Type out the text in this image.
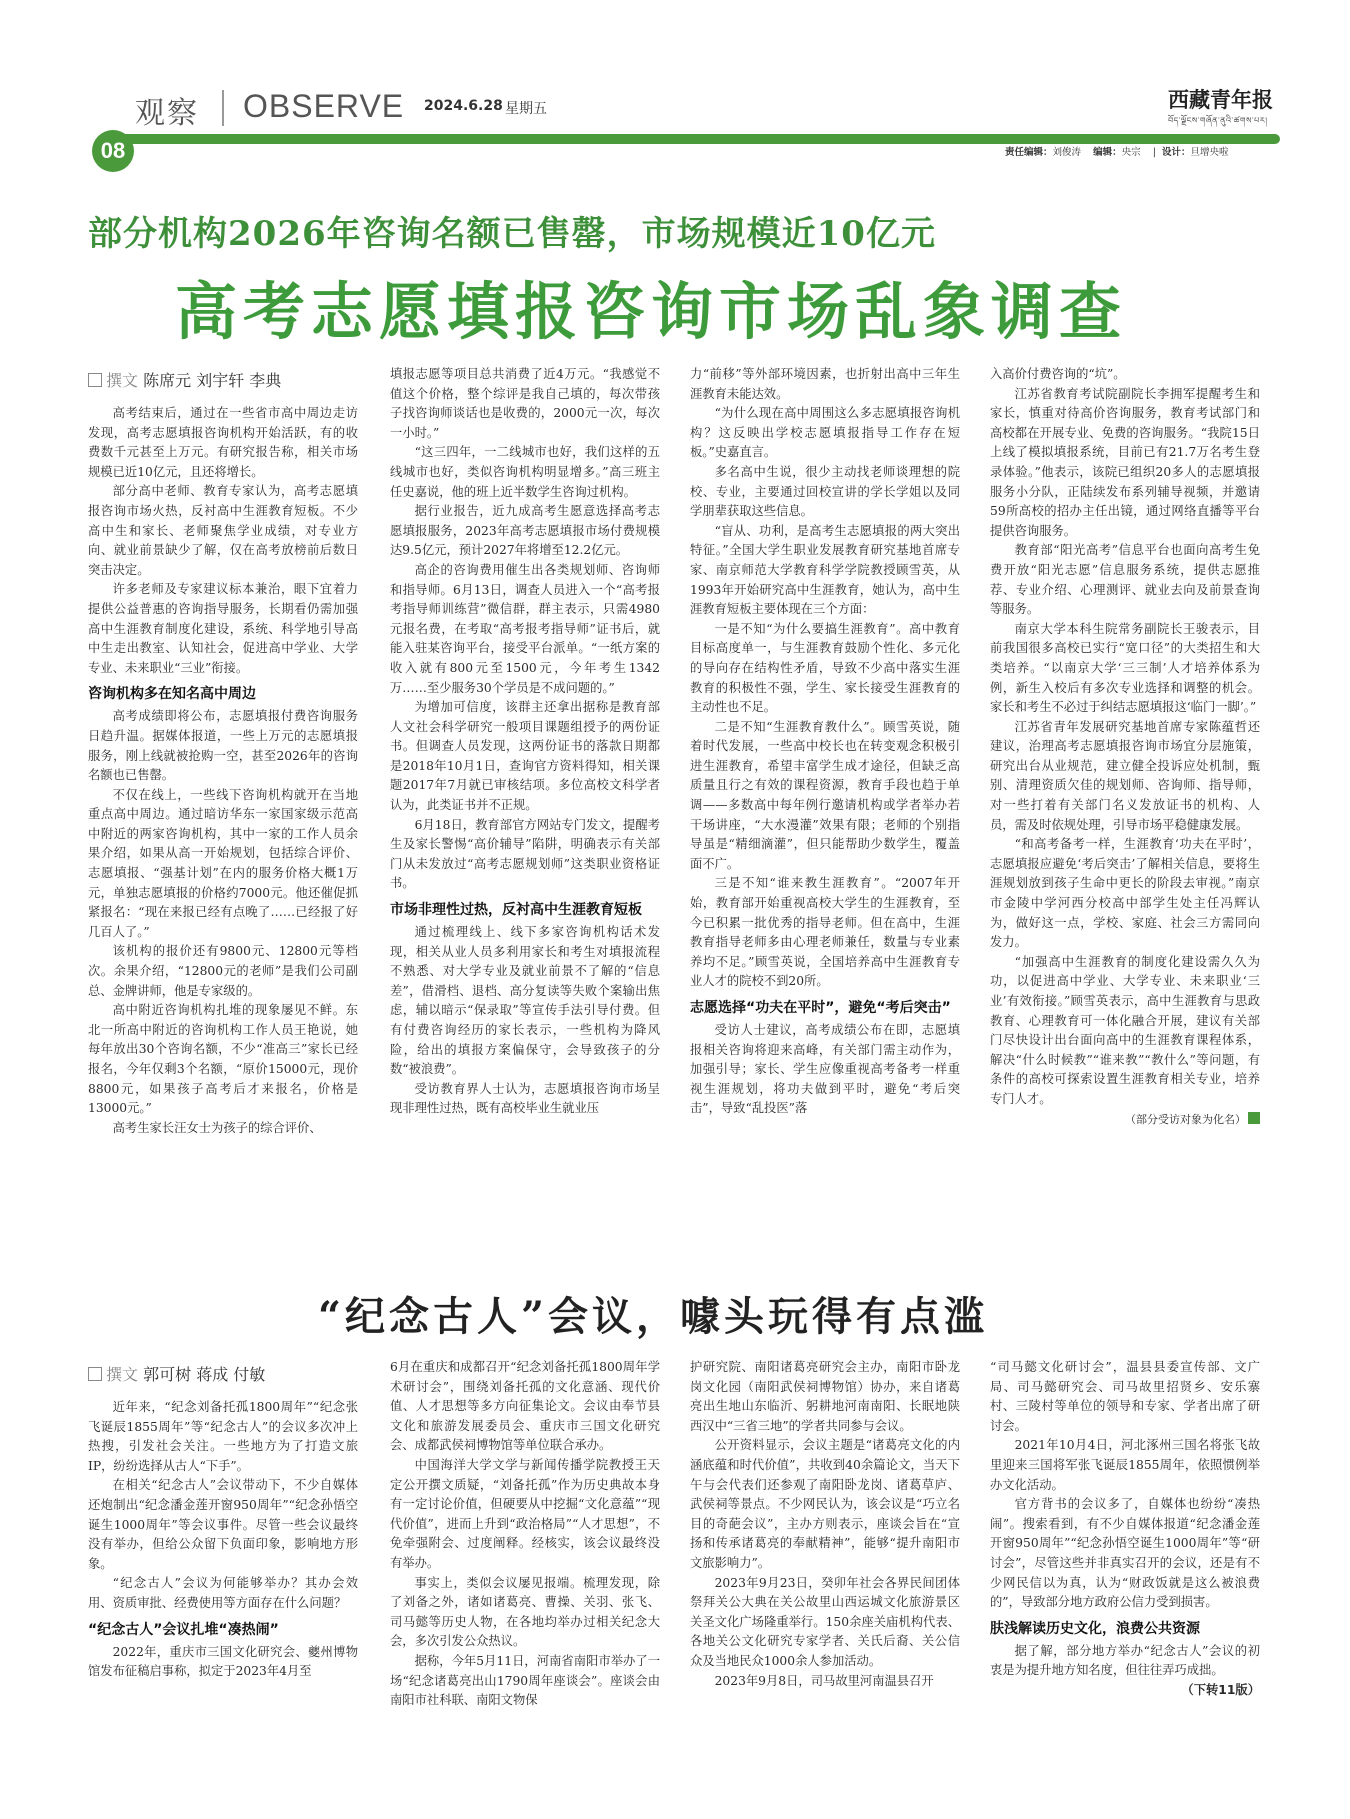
观察 OBSERVE 2024.6.28 星期五	西藏青年报
བོད་ལྗོངས་གཞོན་ནུའི་ཚགས་པར།
08	责任编辑：刘俊涛 编辑：央宗    |  设计：旦增央啦
部分机构2026年咨询名额已售罄，市场规模近10亿元
高考志愿填报咨询市场乱象调查
撰文 陈席元 刘宇轩 李典

高考结束后，通过在一些省市高中周边走访发现，高考志愿填报咨询机构开始活跃，有的收费数千元甚至上万元。有研究报告称，相关市场规模已近10亿元，且还将增长。

部分高中老师、教育专家认为，高考志愿填报咨询市场火热，反衬高中生涯教育短板。不少高中生和家长、老师聚焦学业成绩，对专业方向、就业前景缺少了解，仅在高考放榜前后数日突击决定。

许多老师及专家建议标本兼治，眼下宜着力提供公益普惠的咨询指导服务，长期看仍需加强高中生涯教育制度化建设，系统、科学地引导高中生走出教室、认知社会，促进高中学业、大学专业、未来职业“三业”衔接。

咨询机构多在知名高中周边

高考成绩即将公布，志愿填报付费咨询服务日趋升温。据媒体报道，一些上万元的志愿填报服务，刚上线就被抢购一空，甚至2026年的咨询名额也已售罄。

不仅在线上，一些线下咨询机构就开在当地重点高中周边。通过暗访华东一家国家级示范高中附近的两家咨询机构，其中一家的工作人员余果介绍，如果从高一开始规划，包括综合评价、志愿填报、“强基计划”在内的服务价格大概1万元，单独志愿填报的价格约7000元。他还催促抓紧报名：“现在来报已经有点晚了……已经报了好几百人了。”

该机构的报价还有9800元、12800元等档次。余果介绍，“12800元的老师”是我们公司副总、金牌讲师，他是专家级的。

高中附近咨询机构扎堆的现象屡见不鲜。东北一所高中附近的咨询机构工作人员王艳说，她每年放出30个咨询名额，不少“准高三”家长已经报名，今年仅剩3个名额，“原价15000元，现价8800元，如果孩子高考后才来报名，价格是13000元。”

高考生家长汪女士为孩子的综合评价、

填报志愿等项目总共消费了近4万元。“我感觉不值这个价格，整个综评是我自己填的，每次带孩子找咨询师谈话也是收费的，2000元一次，每次一小时。”

“这三四年，一二线城市也好，我们这样的五线城市也好，类似咨询机构明显增多。”高三班主任史嘉说，他的班上近半数学生咨询过机构。

据行业报告，近九成高考生愿意选择高考志愿填报服务，2023年高考志愿填报市场付费规模达9.5亿元，预计2027年将增至12.2亿元。

高企的咨询费用催生出各类规划师、咨询师和指导师。6月13日，调查人员进入一个“高考报考指导师训练营”微信群，群主表示，只需4980元报名费，在考取“高考报考指导师”证书后，就能入驻某咨询平台，接受平台派单。“一纸方案的收入就有800元至1500元，今年考生1342万……至少服务30个学员是不成问题的。”

为增加可信度，该群主还拿出据称是教育部人文社会科学研究一般项目课题组授予的两份证书。但调查人员发现，这两份证书的落款日期都是2018年10月1日，查询官方资料得知，相关课题2017年7月就已审核结项。多位高校文科学者认为，此类证书并不正规。

6月18日，教育部官方网站专门发文，提醒考生及家长警惕“高价辅导”陷阱，明确表示有关部门从未发放过“高考志愿规划师”这类职业资格证书。

市场非理性过热，反衬高中生涯教育短板

通过梳理线上、线下多家咨询机构话术发现，相关从业人员多利用家长和考生对填报流程不熟悉、对大学专业及就业前景不了解的“信息差”，借滑档、退档、高分复读等失败个案输出焦虑，辅以暗示“保录取”等宣传手法引导付费。但有付费咨询经历的家长表示，一些机构为降风险，给出的填报方案偏保守，会导致孩子的分数“被浪费”。

受访教育界人士认为，志愿填报咨询市场呈现非理性过热，既有高校毕业生就业压

力“前移”等外部环境因素，也折射出高中三年生涯教育未能达效。

“为什么现在高中周围这么多志愿填报咨询机构？这反映出学校志愿填报指导工作存在短板。”史嘉直言。

多名高中生说，很少主动找老师谈理想的院校、专业，主要通过回校宣讲的学长学姐以及同学朋辈获取这些信息。

“盲从、功利，是高考生志愿填报的两大突出特征。”全国大学生职业发展教育研究基地首席专家、南京师范大学教育科学学院教授顾雪英，从1993年开始研究高中生涯教育，她认为，高中生涯教育短板主要体现在三个方面：

一是不知“为什么要搞生涯教育”。高中教育目标高度单一，与生涯教育鼓励个性化、多元化的导向存在结构性矛盾，导致不少高中落实生涯教育的积极性不强，学生、家长接受生涯教育的主动性也不足。

二是不知“生涯教育教什么”。顾雪英说，随着时代发展，一些高中校长也在转变观念积极引进生涯教育，希望丰富学生成才途径，但缺乏高质量且行之有效的课程资源，教育手段也趋于单调——多数高中每年例行邀请机构或学者举办若干场讲座，“大水漫灌”效果有限；老师的个别指导虽是“精细滴灌”，但只能帮助少数学生，覆盖面不广。

三是不知“谁来教生涯教育”。“2007年开始，教育部开始重视高校大学生的生涯教育，至今已积累一批优秀的指导老师。但在高中，生涯教育指导老师多由心理老师兼任，数量与专业素养均不足。”顾雪英说，全国培养高中生涯教育专业人才的院校不到20所。

志愿选择“功夫在平时”，避免“考后突击”

受访人士建议，高考成绩公布在即，志愿填报相关咨询将迎来高峰，有关部门需主动作为，加强引导；家长、学生应像重视高考备考一样重视生涯规划，将功夫做到平时，避免“考后突击”，导致“乱投医”落

入高价付费咨询的“坑”。

江苏省教育考试院副院长李拥军提醒考生和家长，慎重对待高价咨询服务，教育考试部门和高校都在开展专业、免费的咨询服务。“我院15日上线了模拟填报系统，目前已有21.7万名考生登录体验。”他表示，该院已组织20多人的志愿填报服务小分队，正陆续发布系列辅导视频，并邀请59所高校的招办主任出镜，通过网络直播等平台提供咨询服务。

教育部“阳光高考”信息平台也面向高考生免费开放“阳光志愿”信息服务系统，提供志愿推荐、专业介绍、心理测评、就业去向及前景查询等服务。

南京大学本科生院常务副院长王骏表示，目前我国很多高校已实行“宽口径”的大类招生和大类培养。“以南京大学‘三三制’人才培养体系为例，新生入校后有多次专业选择和调整的机会。家长和考生不必过于纠结志愿填报这‘临门一脚’。”

江苏省青年发展研究基地首席专家陈蕴哲还建议，治理高考志愿填报咨询市场宜分层施策，研究出台从业规范，建立健全投诉应处机制，甄别、清理资质欠佳的规划师、咨询师、指导师，对一些打着有关部门名义发放证书的机构、人员，需及时依规处理，引导市场平稳健康发展。

“和高考备考一样，生涯教育‘功夫在平时’，志愿填报应避免‘考后突击’了解相关信息，要将生涯规划放到孩子生命中更长的阶段去审视。”南京市金陵中学河西分校高中部学生处主任冯辉认为，做好这一点，学校、家庭、社会三方需同向发力。

“加强高中生涯教育的制度化建设需久久为功，以促进高中学业、大学专业、未来职业‘三业’有效衔接。”顾雪英表示，高中生涯教育与思政教育、心理教育可一体化融合开展，建议有关部门尽快设计出台面向高中的生涯教育课程体系，解决“什么时候教”“谁来教”“教什么”等问题，有条件的高校可探索设置生涯教育相关专业，培养专门人才。

（部分受访对象为化名）

“纪念古人”会议，噱头玩得有点滥
撰文 郭可树 蒋成 付敏

近年来，“纪念刘备托孤1800周年”“纪念张飞诞辰1855周年”等“纪念古人”的会议多次冲上热搜，引发社会关注。一些地方为了打造文旅IP，纷纷选择从古人“下手”。

在相关“纪念古人”会议带动下，不少自媒体还炮制出“纪念潘金莲开窗950周年”“纪念孙悟空诞生1000周年”等会议事件。尽管一些会议最终没有举办，但给公众留下负面印象，影响地方形象。

“纪念古人”会议为何能够举办？其办会效用、资质审批、经费使用等方面存在什么问题？

“纪念古人”会议扎堆“凑热闹”

2022年，重庆市三国文化研究会、夔州博物馆发布征稿启事称，拟定于2023年4月至

6月在重庆和成都召开“纪念刘备托孤1800周年学术研讨会”，围绕刘备托孤的文化意涵、现代价值、人才思想等多方向征集论文。会议由奉节县文化和旅游发展委员会、重庆市三国文化研究会、成都武侯祠博物馆等单位联合承办。

中国海洋大学文学与新闻传播学院教授王天定公开撰文质疑，“刘备托孤”作为历史典故本身有一定讨论价值，但硬要从中挖掘“文化意蕴”“现代价值”，进而上升到“政治格局”“人才思想”，不免牵强附会、过度阐释。经核实，该会议最终没有举办。

事实上，类似会议屡见报端。梳理发现，除了刘备之外，诸如诸葛亮、曹操、关羽、张飞、司马懿等历史人物，在各地均举办过相关纪念大会，多次引发公众热议。

据称，今年5月11日，河南省南阳市举办了一场“纪念诸葛亮出山1790周年座谈会”。座谈会由南阳市社科联、南阳文物保

护研究院、南阳诸葛亮研究会主办，南阳市卧龙岗文化园（南阳武侯祠博物馆）协办，来自诸葛亮出生地山东临沂、躬耕地河南南阳、长眠地陕西汉中“三省三地”的学者共同参与会议。

公开资料显示，会议主题是“诸葛亮文化的内涵底蕴和时代价值”，共收到40余篇论文，当天下午与会代表们还参观了南阳卧龙岗、诸葛草庐、武侯祠等景点。不少网民认为，该会议是“巧立名目的奇葩会议”，主办方则表示，座谈会旨在“宣扬和传承诸葛亮的奉献精神”，能够“提升南阳市文旅影响力”。

2023年9月23日，癸卯年社会各界民间团体祭拜关公大典在关公故里山西运城文化旅游景区关圣文化广场隆重举行。150余座关庙机构代表、各地关公文化研究专家学者、关氏后裔、关公信众及当地民众1000余人参加活动。

2023年9月8日，司马故里河南温县召开

“司马懿文化研讨会”，温县县委宣传部、文广局、司马懿研究会、司马故里招贤乡、安乐寨村、三陵村等单位的领导和专家、学者出席了研讨会。

2021年10月4日，河北涿州三国名将张飞故里迎来三国将军张飞诞辰1855周年，依照惯例举办文化活动。

官方背书的会议多了，自媒体也纷纷“凑热闹”。搜索看到，有不少自媒体报道“纪念潘金莲开窗950周年”“纪念孙悟空诞生1000周年”等“研讨会”，尽管这些并非真实召开的会议，还是有不少网民信以为真，认为“财政饭就是这么被浪费的”，导致部分地方政府公信力受到损害。

肤浅解读历史文化，浪费公共资源

据了解，部分地方举办“纪念古人”会议的初衷是为提升地方知名度，但往往弄巧成拙。

（下转11版）
